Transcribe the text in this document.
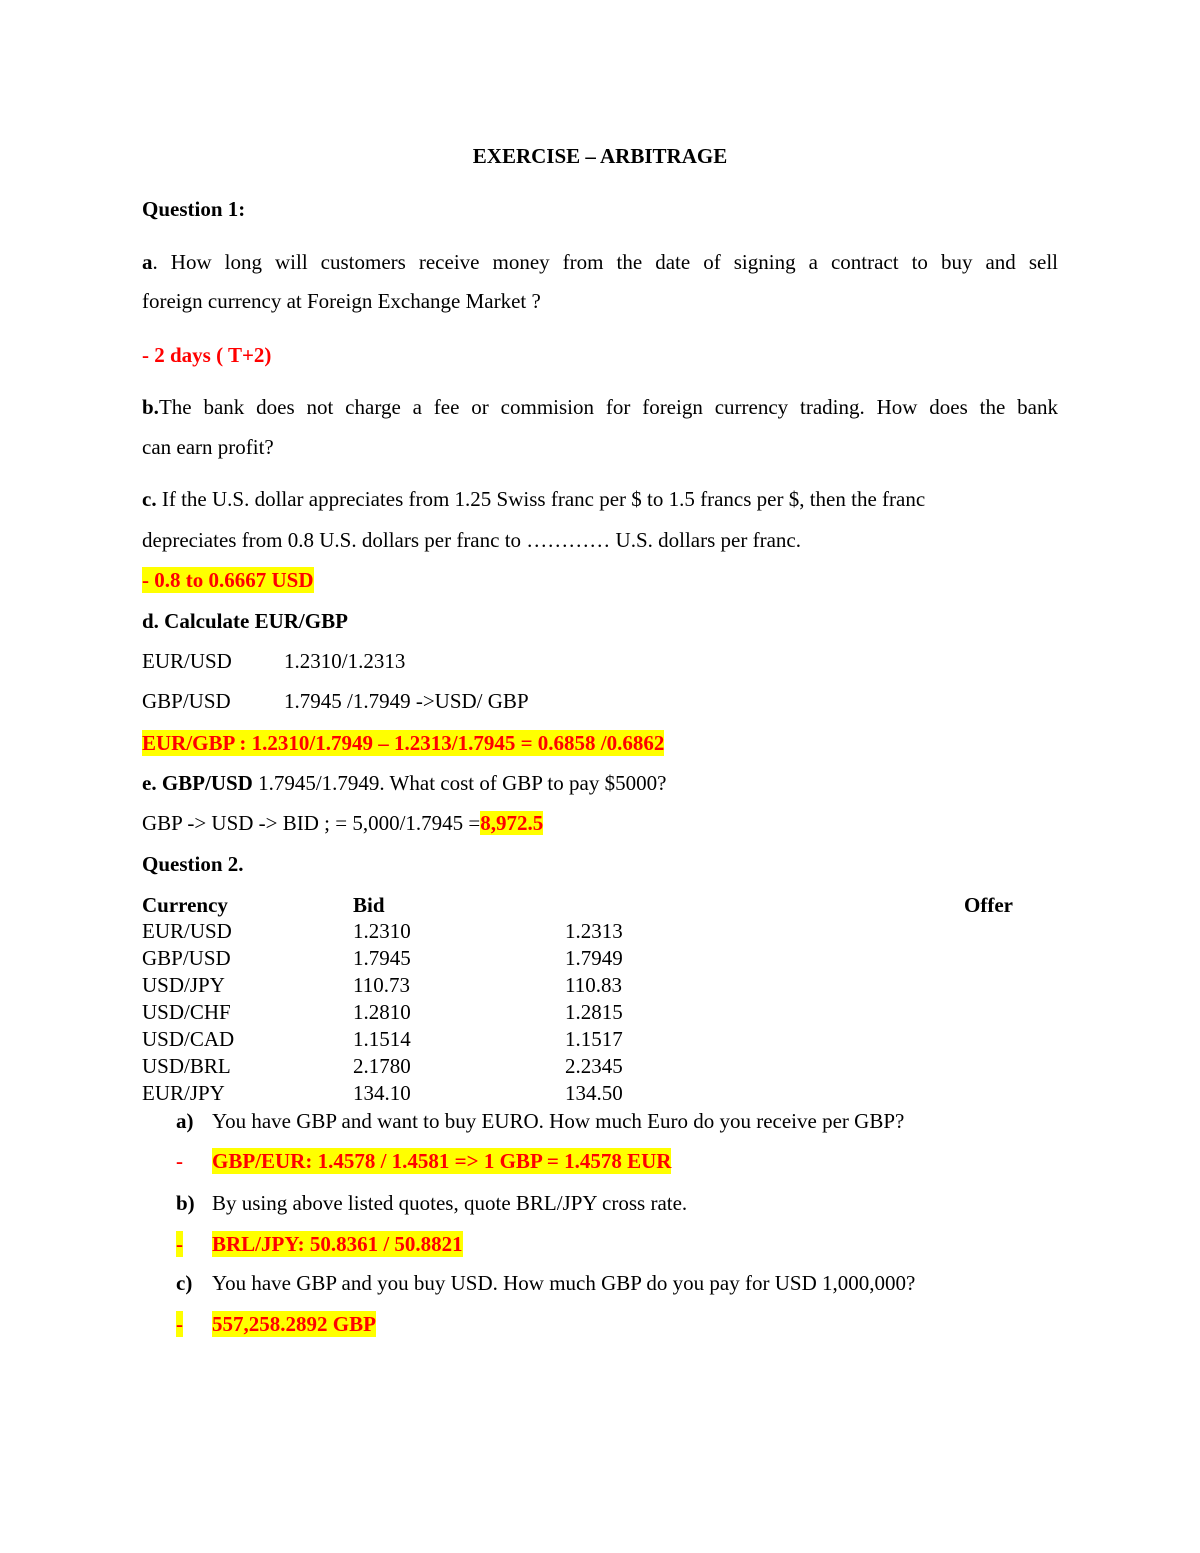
EXERCISE – ARBITRAGE
Question 1:
a. How long will customers receive money from the date of signing a contract to buy and sell
foreign currency at Foreign Exchange Market ?
- 2 days ( T+2)
b.The bank does not charge a fee or commision for foreign currency trading. How does the bank
can earn profit?
c. If the U.S. dollar appreciates from 1.25 Swiss franc per $ to 1.5 francs per $, then the franc
depreciates from 0.8 U.S. dollars per franc to ………… U.S. dollars per franc.
- 0.8 to 0.6667 USD
d. Calculate EUR/GBP
EUR/USD 1.2310/1.2313
GBP/USD	1.7945 /1.7949 ->USD/ GBP
EUR/GBP : 1.2310/1.7949 – 1.2313/1.7945 = 0.6858 /0.6862
e. GBP/USD 1.7945/1.7949. What cost of GBP to pay $5000?
GBP -> USD -> BID ; = 5,000/1.7945 =8,972.5
Question 2.
Currency	Bid	Offer
EUR/USD	1.2310	1.2313
GBP/USD	1.7945	1.7949
USD/JPY	110.73	110.83
USD/CHF	1.2810	1.2815
USD/CAD	1.1514	1.1517
USD/BRL	2.1780	2.2345
EUR/JPY	134.10	134.50
a) You have GBP and want to buy EURO. How much Euro do you receive per GBP?
- GBP/EUR: 1.4578 / 1.4581 => 1 GBP = 1.4578 EUR
b) By using above listed quotes, quote BRL/JPY cross rate.
- BRL/JPY: 50.8361 / 50.8821
c) You have GBP and you buy USD. How much GBP do you pay for USD 1,000,000?
- 557,258.2892 GBP
